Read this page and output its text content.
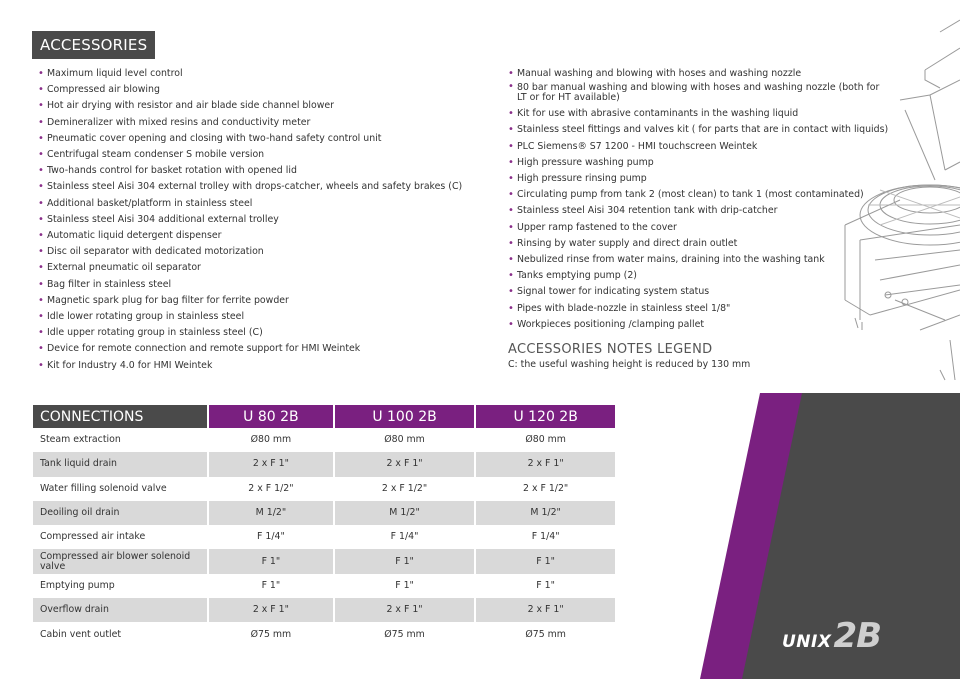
ACCESSORIES
• Maximum liquid level control
• Compressed air blowing
• Hot air drying with resistor and air blade side channel blower
• Demineralizer with mixed resins and conductivity meter
• Pneumatic cover opening and closing with two-hand safety control unit
• Centrifugal steam condenser S mobile version
• Two-hands control for basket rotation with opened lid
• Stainless steel Aisi 304 external trolley with drops-catcher, wheels and safety brakes (C)
• Additional basket/platform in stainless steel
• Stainless steel Aisi 304 additional external trolley
• Automatic liquid detergent dispenser
• Disc oil separator with dedicated motorization
• External pneumatic oil separator
• Bag filter in stainless steel
• Magnetic spark plug for bag filter for ferrite powder
• Idle lower rotating group in stainless steel
• Idle upper rotating group in stainless steel (C)
• Device for remote connection and remote support for HMI Weintek
• Kit for Industry 4.0 for HMI Weintek
• Manual washing and blowing with hoses and washing nozzle
• 80 bar manual washing and blowing with hoses and washing nozzle (both for LT or for HT available)
• Kit for use with abrasive contaminants in the washing liquid
• Stainless steel fittings and valves kit ( for parts that are in contact with liquids)
• PLC Siemens® S7 1200 - HMI touchscreen Weintek
• High pressure washing pump
• High pressure rinsing pump
• Circulating pump from tank 2 (most clean) to tank 1 (most contaminated)
• Stainless steel Aisi 304 retention tank with drip-catcher
• Upper ramp fastened to the cover
• Rinsing by water supply and direct drain outlet
• Nebulized rinse from water mains, draining into the washing tank
• Tanks emptying pump (2)
• Signal tower for indicating system status
• Pipes with blade-nozzle in stainless steel 1/8"
• Workpieces positioning /clamping pallet
ACCESSORIES NOTES LEGEND
C: the useful washing height is reduced by 130 mm
CONNECTIONS	U 80 2B	U 100 2B	U 120 2B
Steam extraction	Ø80 mm	Ø80 mm	Ø80 mm
Tank liquid drain	2 x F 1"	2 x F 1"	2 x F 1"
Water filling solenoid valve	2 x F 1/2"	2 x F 1/2"	2 x F 1/2"
Deoiling oil drain	M 1/2"	M 1/2"	M 1/2"
Compressed air intake	F 1/4"	F 1/4"	F 1/4"
Compressed air blower solenoid valve	F 1"	F 1"	F 1"
Emptying pump	F 1"	F 1"	F 1"
Overflow drain	2 x F 1"	2 x F 1"	2 x F 1"
Cabin vent outlet	Ø75 mm	Ø75 mm	Ø75 mm	UNIX2B
